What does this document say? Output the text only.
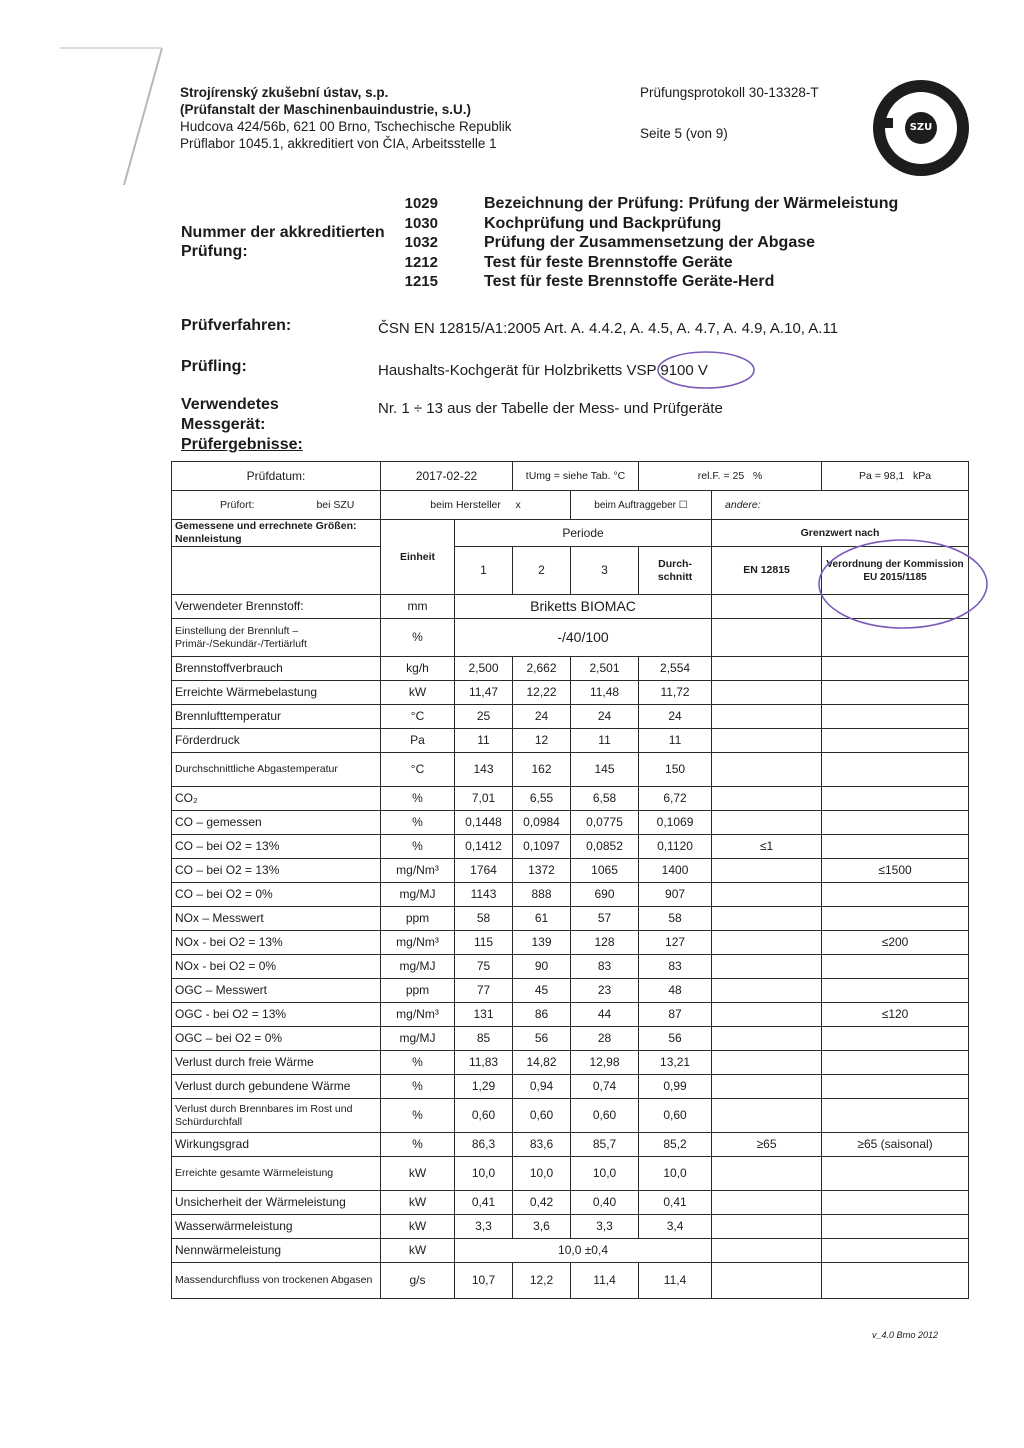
Strojírenský zkušební ústav, s.p.
(Prüfanstalt der Maschinenbauindustrie, s.U.)
Hudcova 424/56b, 621 00 Brno, Tschechische Republik
Prüflabor 1045.1, akkreditiert von ČIA, Arbeitsstelle 1
Prüfungsprotokoll 30-13328-T
Seite 5 (von 9)	SZU
Nummer der akkreditierten Prüfung:
1029
1030
1032
1212
1215
Bezeichnung der Prüfung: Prüfung der Wärmeleistung
Kochprüfung und Backprüfung
Prüfung der Zusammensetzung der Abgase
Test für feste Brennstoffe Geräte
Test für feste Brennstoffe Geräte-Herd
Prüfverfahren:	ČSN EN 12815/A1:2005 Art. A. 4.4.2, A. 4.5, A. 4.7, A. 4.9, A.10, A.11
Prüfling:	Haushalts-Kochgerät für Holzbriketts VSP 9100 V
Verwendetes
Messgerät:
Nr. 1 ÷ 13 aus der Tabelle der Mess- und Prüfgeräte
Prüfergebnisse:
Prüfdatum:	2017-02-22		tUmg = siehe Tab. °C		rel.F. = 25 %		Pa = 98,1 kPa
Prüfort: bei SZU	beim Hersteller x			beim Auftraggeber ☐		andere:	
Gemessene und errechnete Größen: Nennleistung	Einheit	Periode				Grenzwert nach	
		1	2	3	Durch-schnitt	EN 12815	Verordnung der Kommission EU 2015/1185
Verwendeter Brennstoff:	mm	Briketts BIOMAC					
Einstellung der Brennluft – Primär-/Sekundär-/Tertiärluft	%	-/40/100					
Brennstoffverbrauch	kg/h	2,500	2,662	2,501	2,554		
Erreichte Wärmebelastung	kW	11,47	12,22	11,48	11,72		
Brennlufttemperatur	°C	25	24	24	24		
Förderdruck	Pa	11	12	11	11		
Durchschnittliche Abgastemperatur	°C	143	162	145	150		
CO₂	%	7,01	6,55	6,58	6,72		
CO – gemessen	%	0,1448	0,0984	0,0775	0,1069		
CO – bei O2 = 13%	%	0,1412	0,1097	0,0852	0,1120	≤1	
CO – bei O2 = 13%	mg/Nm³	1764	1372	1065	1400		≤1500
CO – bei O2 = 0%	mg/MJ	1143	888	690	907		
NOx – Messwert	ppm	58	61	57	58		
NOx - bei O2 = 13%	mg/Nm³	115	139	128	127		≤200
NOx - bei O2 = 0%	mg/MJ	75	90	83	83		
OGC – Messwert	ppm	77	45	23	48		
OGC - bei O2 = 13%	mg/Nm³	131	86	44	87		≤120
OGC – bei O2 = 0%	mg/MJ	85	56	28	56		
Verlust durch freie Wärme	%	11,83	14,82	12,98	13,21		
Verlust durch gebundene Wärme	%	1,29	0,94	0,74	0,99		
Verlust durch Brennbares im Rost und Schürdurchfall	%	0,60	0,60	0,60	0,60		
Wirkungsgrad	%	86,3	83,6	85,7	85,2	≥65	≥65 (saisonal)
Erreichte gesamte Wärmeleistung	kW	10,0	10,0	10,0	10,0		
Unsicherheit der Wärmeleistung	kW	0,41	0,42	0,40	0,41		
Wasserwärmeleistung	kW	3,3	3,6	3,3	3,4		
Nennwärmeleistung	kW	10,0 ±0,4					
Massendurchfluss von trockenen Abgasen	g/s	10,7	12,2	11,4	11,4		
v_4.0 Brno 2012
